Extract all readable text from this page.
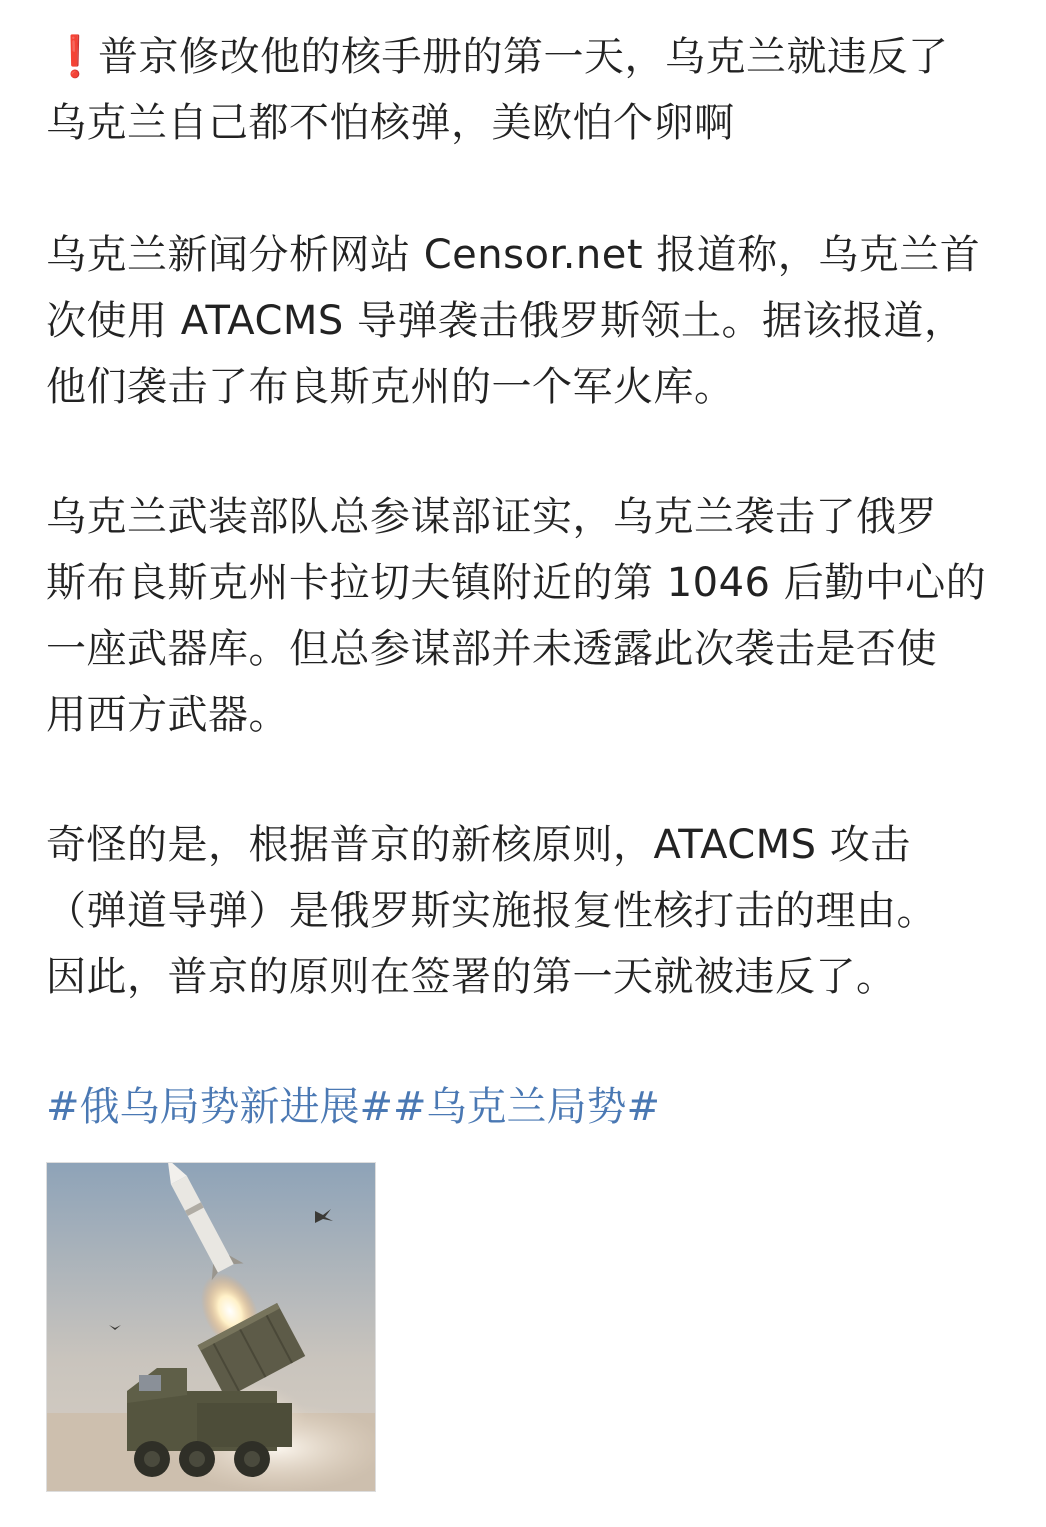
❗普京修改他的核手册的第一天，乌克兰就违反了
乌克兰自己都不怕核弹，美欧怕个卵啊

乌克兰新闻分析网站 Censor.net 报道称，乌克兰首
次使用 ATACMS 导弹袭击俄罗斯领土。据该报道，
他们袭击了布良斯克州的一个军火库。

乌克兰武装部队总参谋部证实，乌克兰袭击了俄罗
斯布良斯克州卡拉切夫镇附近的第 1046 后勤中心的
一座武器库。但总参谋部并未透露此次袭击是否使
用西方武器。

奇怪的是，根据普京的新核原则，ATACMS 攻击
（弹道导弹）是俄罗斯实施报复性核打击的理由。
因此，普京的原则在签署的第一天就被违反了。

#俄乌局势新进展##乌克兰局势#
